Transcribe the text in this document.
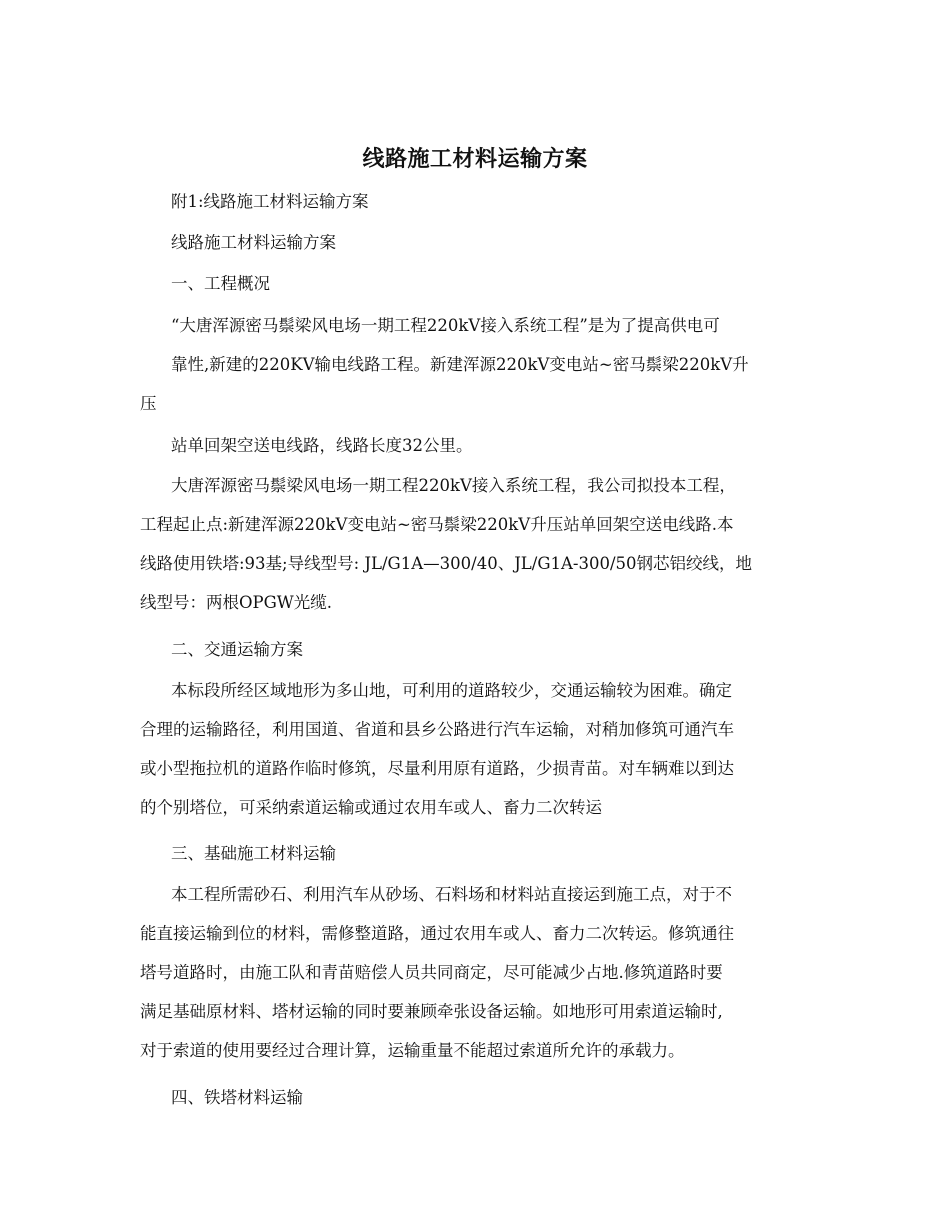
线路施工材料运输方案
附1:线路施工材料运输方案
线路施工材料运输方案
一、工程概况
“大唐浑源密马鬃梁风电场一期工程220kV接入系统工程”是为了提高供电可
靠性,新建的220KV输电线路工程。新建浑源220kV变电站~密马鬃梁220kV升
压
站单回架空送电线路，线路长度32公里。
大唐浑源密马鬃梁风电场一期工程220kV接入系统工程，我公司拟投本工程，
工程起止点:新建浑源220kV变电站~密马鬃梁220kV升压站单回架空送电线路.本
线路使用铁塔:93基;导线型号: JL/G1A—300/40、JL/G1A-300/50钢芯铝绞线，地
线型号：两根OPGW光缆.
二、交通运输方案
本标段所经区域地形为多山地，可利用的道路较少，交通运输较为困难。确定
合理的运输路径，利用国道、省道和县乡公路进行汽车运输，对稍加修筑可通汽车
或小型拖拉机的道路作临时修筑，尽量利用原有道路，少损青苗。对车辆难以到达
的个别塔位，可采纳索道运输或通过农用车或人、畜力二次转运
三、基础施工材料运输
本工程所需砂石、利用汽车从砂场、石料场和材料站直接运到施工点，对于不
能直接运输到位的材料，需修整道路，通过农用车或人、畜力二次转运。修筑通往
塔号道路时，由施工队和青苗赔偿人员共同商定，尽可能减少占地.修筑道路时要
满足基础原材料、塔材运输的同时要兼顾牵张设备运输。如地形可用索道运输时,
对于索道的使用要经过合理计算，运输重量不能超过索道所允许的承载力。
四、铁塔材料运输
